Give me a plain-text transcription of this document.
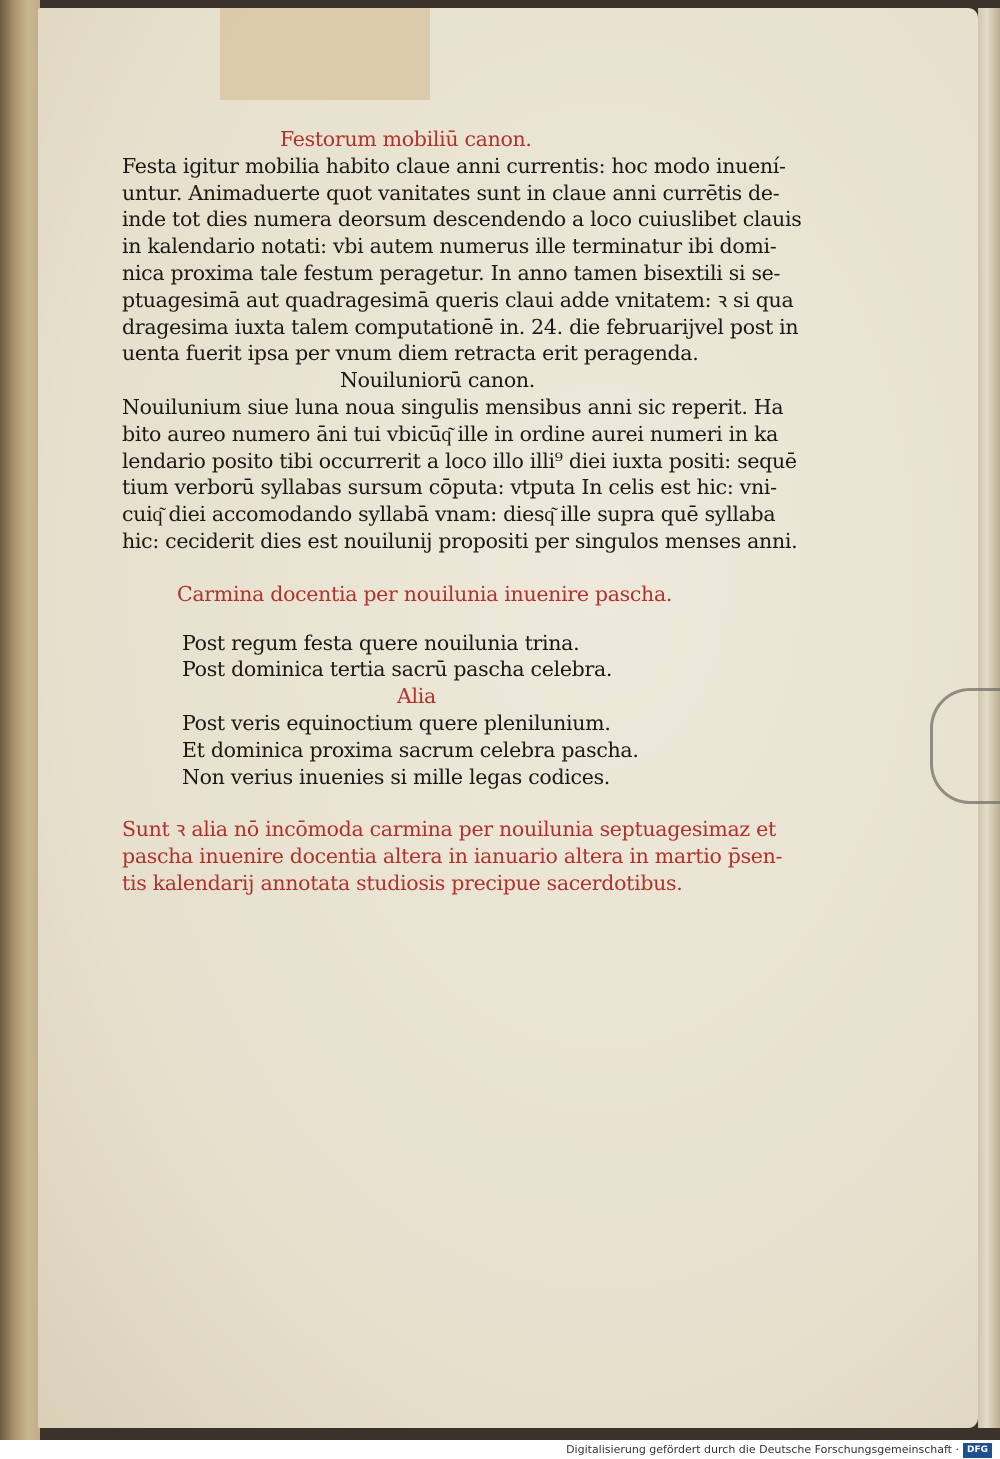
Festorum mobiliū canon.
Festa igitur mobilia habito claue anni currentis: hoc modo inuení-
untur. Animaduerte quot vanitates sunt in claue anni currētis de-
inde tot dies numera deorsum descendendo a loco cuiuslibet clauis
in kalendario notati: vbi autem numerus ille terminatur ibi domi-
nica proxima tale festum peragetur. In anno tamen bisextili si se-
ptuagesimā aut quadragesimā queris claui adde vnitatem: ꝛ si qua
dragesima iuxta talem computationē in. 24. die februarijvel post in
uenta fuerit ipsa per vnum diem retracta erit peragenda.
Nouiluniorū canon.
Nouilunium siue luna noua singulis mensibus anni sic reperit. Ha
bito aureo numero āni tui vbicūq͂ ille in ordine aurei numeri in ka
lendario posito tibi occurrerit a loco illo illi⁹ diei iuxta positi: sequē
tium verborū syllabas sursum cōputa: vtputa In celis est hic: vni-
cuiq͂ diei accomodando syllabā vnam: diesq͂ ille supra quē syllaba
hic: ceciderit dies est nouilunij propositi per singulos menses anni.
Carmina docentia per nouilunia inuenire pascha.
Post regum festa quere nouilunia trina.
Post dominica tertia sacrū pascha celebra.
Alia
Post veris equinoctium quere plenilunium.
Et dominica proxima sacrum celebra pascha.
Non verius inuenies si mille legas codices.
Sunt ꝛ alia nō incōmoda carmina per nouilunia septuagesimaz et
pascha inuenire docentia altera in ianuario altera in martio p̄sen-
tis kalendarij annotata studiosis precipue sacerdotibus.
Digitalisierung gefördert durch die Deutsche Forschungsgemeinschaft · DFG
